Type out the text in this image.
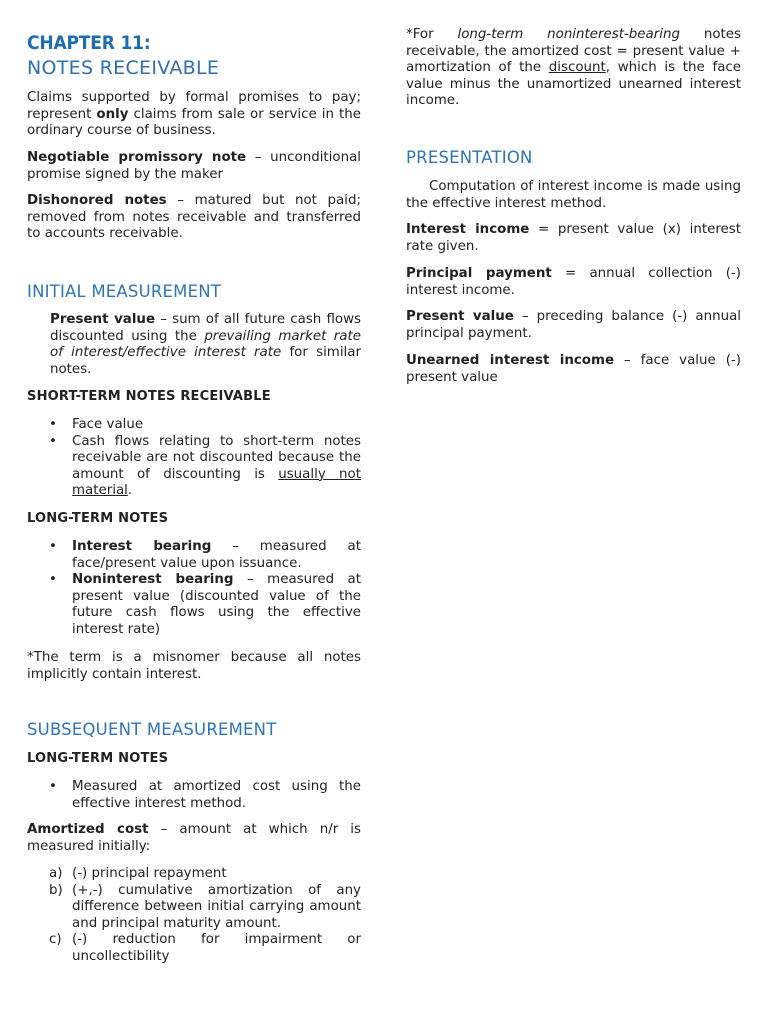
CHAPTER 11:
NOTES RECEIVABLE

Claims supported by formal promises to pay; represent only claims from sale or service in the ordinary course of business.

Negotiable promissory note – unconditional promise signed by the maker

Dishonored notes – matured but not paid; removed from notes receivable and transferred to accounts receivable.

INITIAL MEASUREMENT

Present value – sum of all future cash flows discounted using the prevailing market rate of interest/effective interest rate for similar notes.

SHORT-TERM NOTES RECEIVABLE
• Face value
• Cash flows relating to short-term notes receivable are not discounted because the amount of discounting is usually not material.
LONG-TERM NOTES
• Interest bearing – measured at face/present value upon issuance.
• Noninterest bearing – measured at present value (discounted value of the future cash flows using the effective interest rate)

*The term is a misnomer because all notes implicitly contain interest.

SUBSEQUENT MEASUREMENT
LONG-TERM NOTES
• Measured at amortized cost using the effective interest method.

Amortized cost – amount at which n/r is measured initially:

a) (-) principal repayment
b) (+,-) cumulative amortization of any difference between initial carrying amount and principal maturity amount.
c) (-) reduction for impairment or uncollectibility

*For long-term noninterest-bearing notes receivable, the amortized cost = present value + amortization of the discount, which is the face value minus the unamortized unearned interest income.

PRESENTATION

Computation of interest income is made using the effective interest method.

Interest income = present value (x) interest rate given.

Principal payment = annual collection (-) interest income.

Present value – preceding balance (-) annual principal payment.

Unearned interest income – face value (-) present value
